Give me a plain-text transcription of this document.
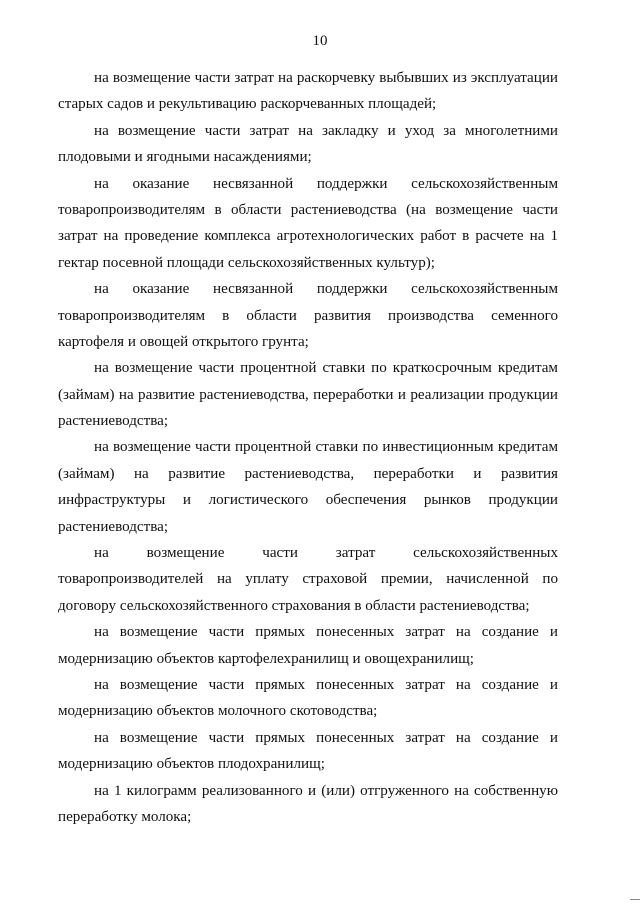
10
на возмещение части затрат на раскорчевку выбывших из эксплуатации
старых садов и рекультивацию раскорчеванных площадей;
на возмещение части затрат на закладку и уход за многолетними
плодовыми и ягодными насаждениями;
на оказание несвязанной поддержки сельскохозяйственным
товаропроизводителям в области растениеводства (на возмещение части
затрат на проведение комплекса агротехнологических работ в расчете на 1
гектар посевной площади сельскохозяйственных культур);
на оказание несвязанной поддержки сельскохозяйственным
товаропроизводителям в области развития производства семенного
картофеля и овощей открытого грунта;
на возмещение части процентной ставки по краткосрочным кредитам
(займам) на развитие растениеводства, переработки и реализации продукции
растениеводства;
на возмещение части процентной ставки по инвестиционным кредитам
(займам) на развитие растениеводства, переработки и развития
инфраструктуры и логистического обеспечения рынков продукции
растениеводства;
на возмещение части затрат сельскохозяйственных
товаропроизводителей на уплату страховой премии, начисленной по
договору сельскохозяйственного страхования в области растениеводства;
на возмещение части прямых понесенных затрат на создание и
модернизацию объектов картофелехранилищ и овощехранилищ;
на возмещение части прямых понесенных затрат на создание и
модернизацию объектов молочного скотоводства;
на возмещение части прямых понесенных затрат на создание и
модернизацию объектов плодохранилищ;
на 1 килограмм реализованного и (или) отгруженного на собственную
переработку молока;
